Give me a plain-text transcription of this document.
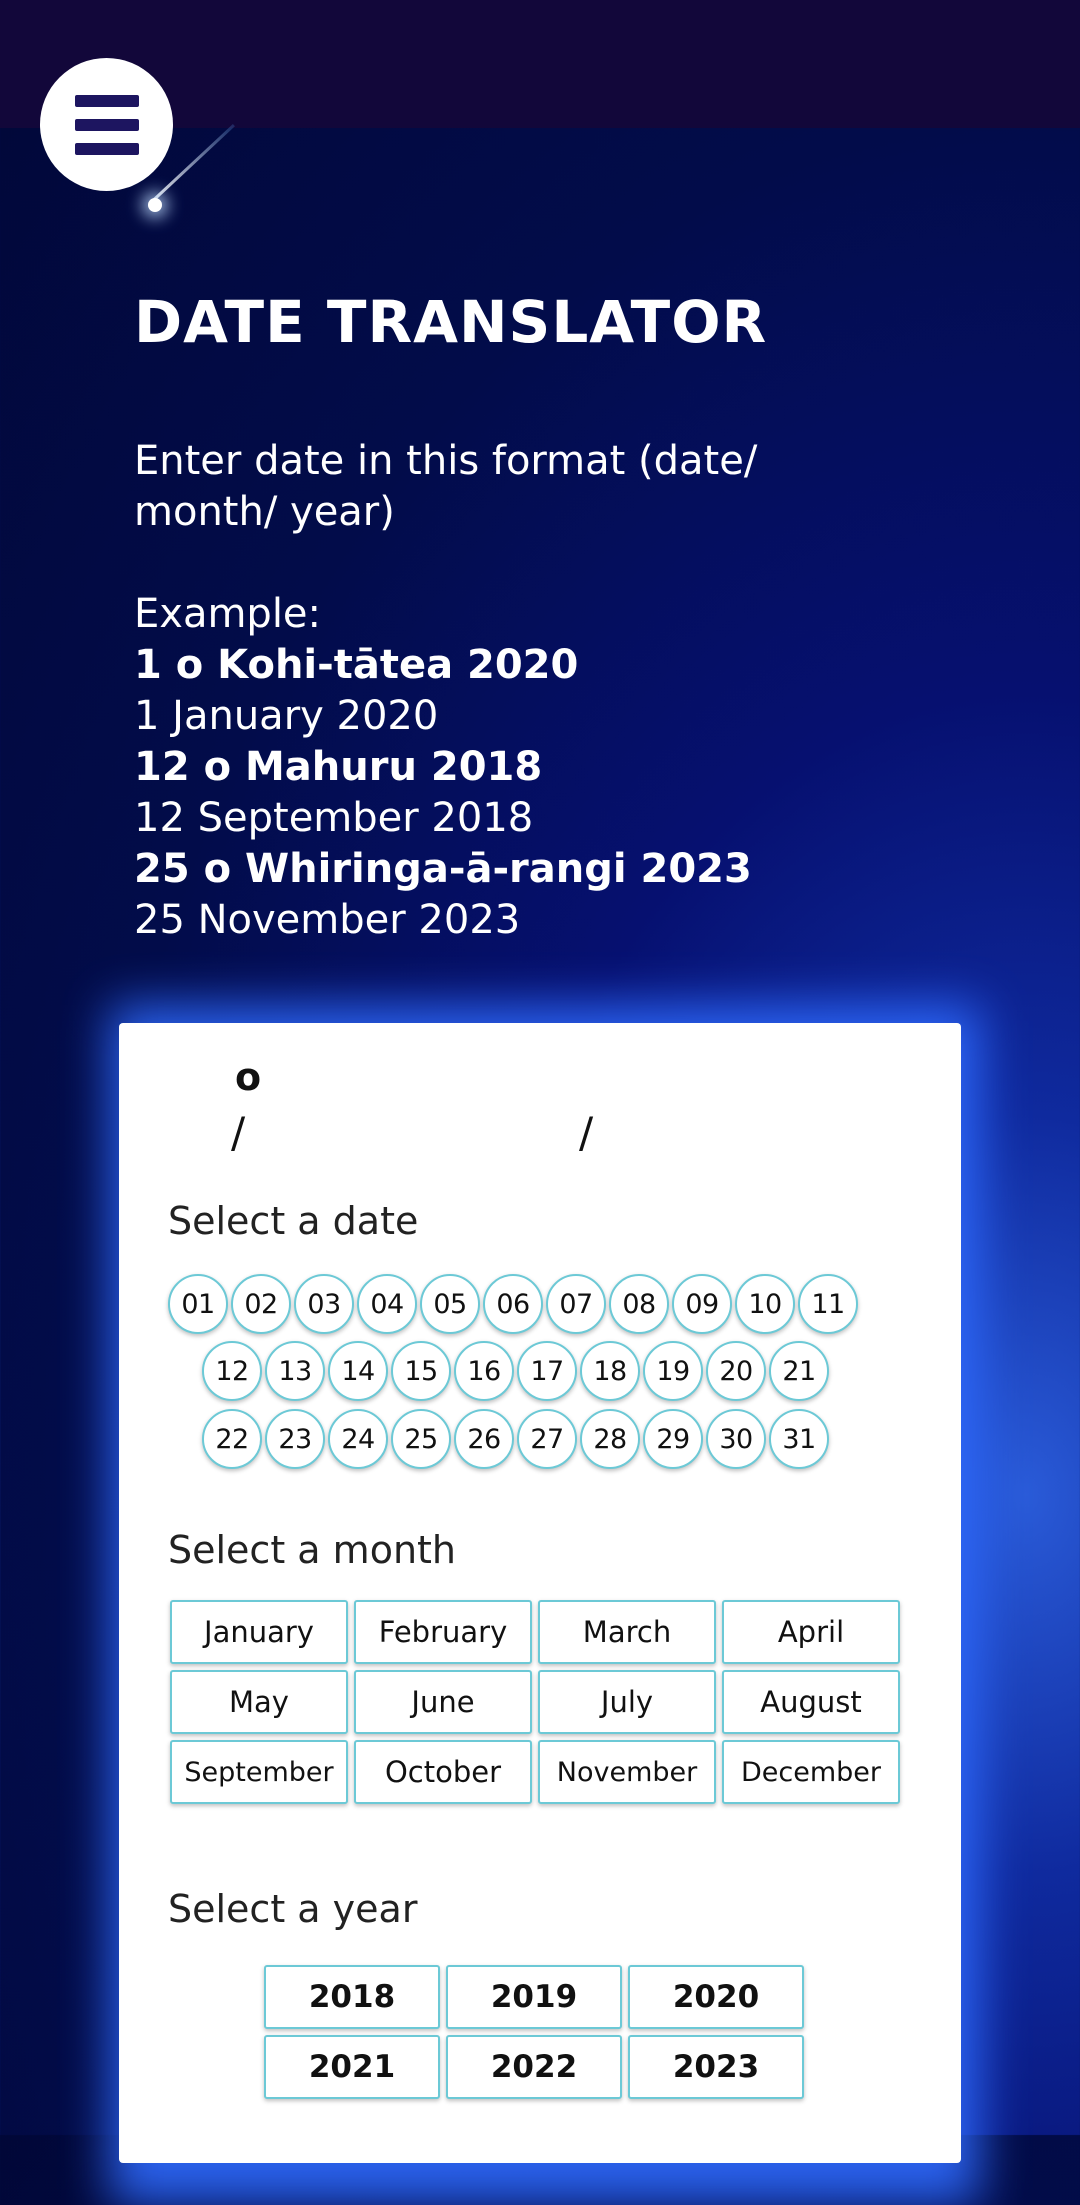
DATE TRANSLATOR

Enter date in this format (date/ month/ year)

Example:

1 o Kohi-tātea 2020
1 January 2020
12 o Mahuru 2018
12 September 2018
25 o Whiringa-ā-rangi 2023
25 November 2023
o
/	/
Select a date
01	02	03	04	05	06	07	08	09	10	11
12	13	14	15	16	17	18	19	20	21
22	23	24	25	26	27	28	29	30	31
Select a month
January	February	March	April
May	June	July	August
September	October	November	December
Select a year
2018	2019	2020
2021	2022	2023
